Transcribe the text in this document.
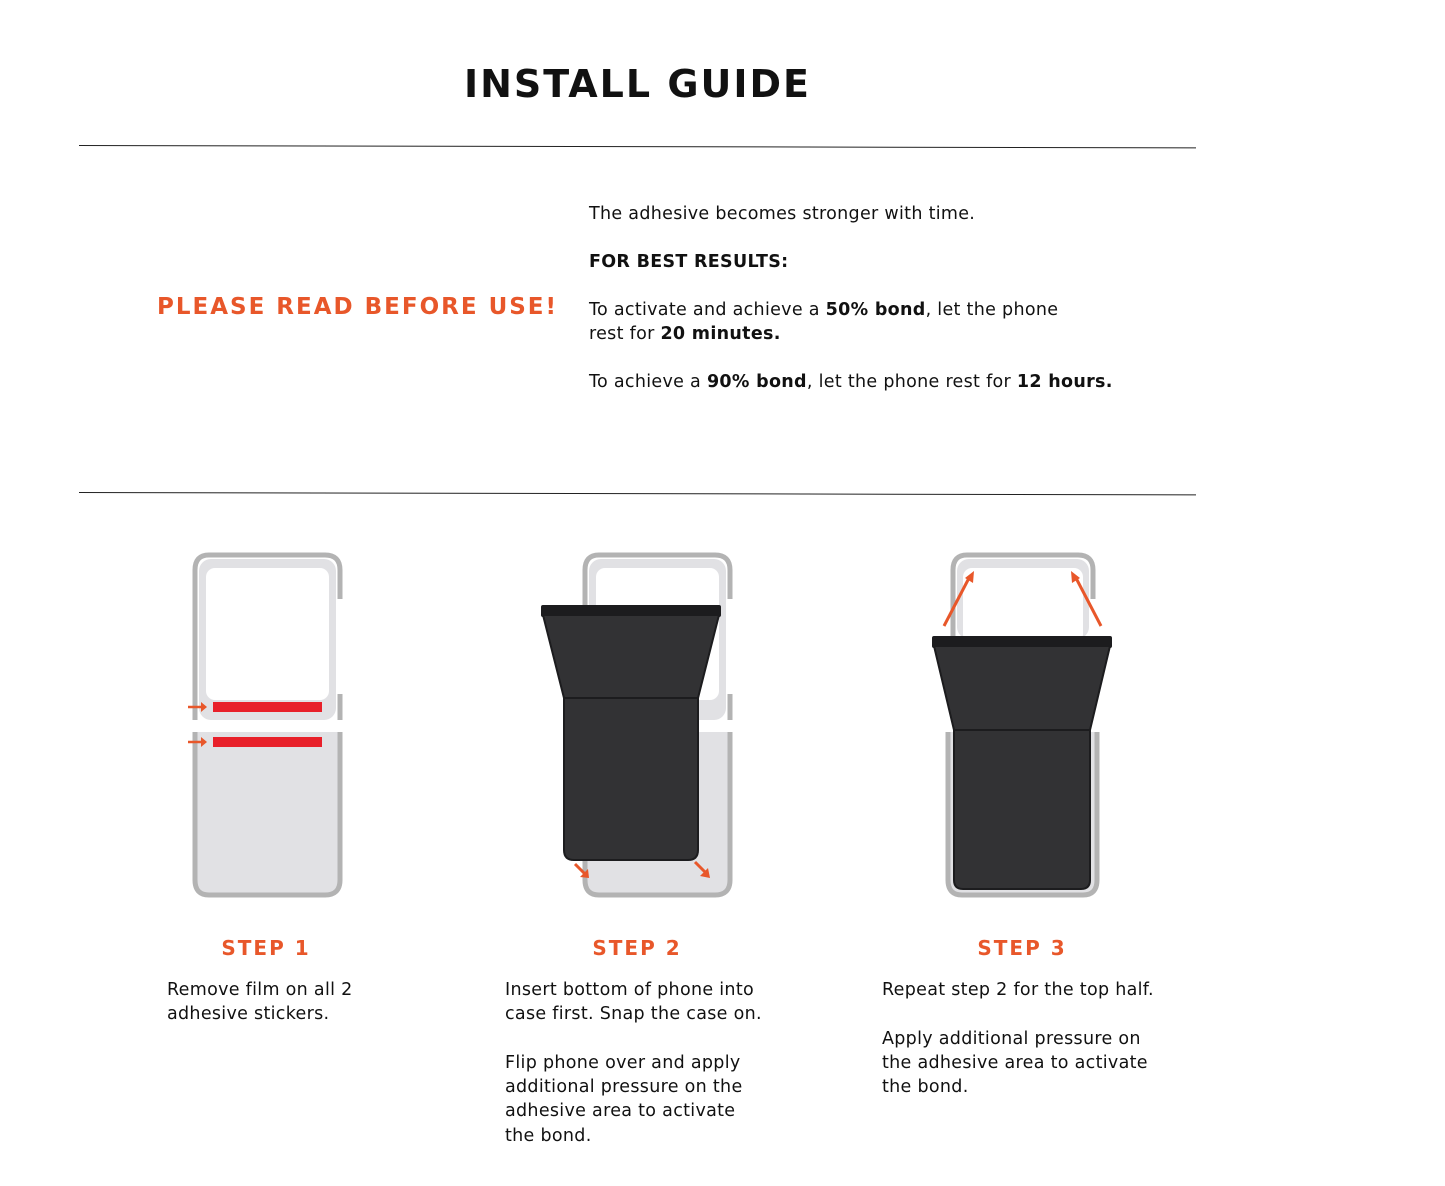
INSTALL GUIDE
PLEASE READ BEFORE USE!

The adhesive becomes stronger with time.

FOR BEST RESULTS:

To activate and achieve a 50% bond, let the phone

rest for 20 minutes.

To achieve a 90% bond, let the phone rest for 12 hours.

STEP 1

Remove film on all 2

adhesive stickers.

STEP 2

Insert bottom of phone into

case first. Snap the case on.

Flip phone over and apply

additional pressure on the

adhesive area to activate

the bond.

STEP 3

Repeat step 2 for the top half.

Apply additional pressure on

the adhesive area to activate

the bond.
